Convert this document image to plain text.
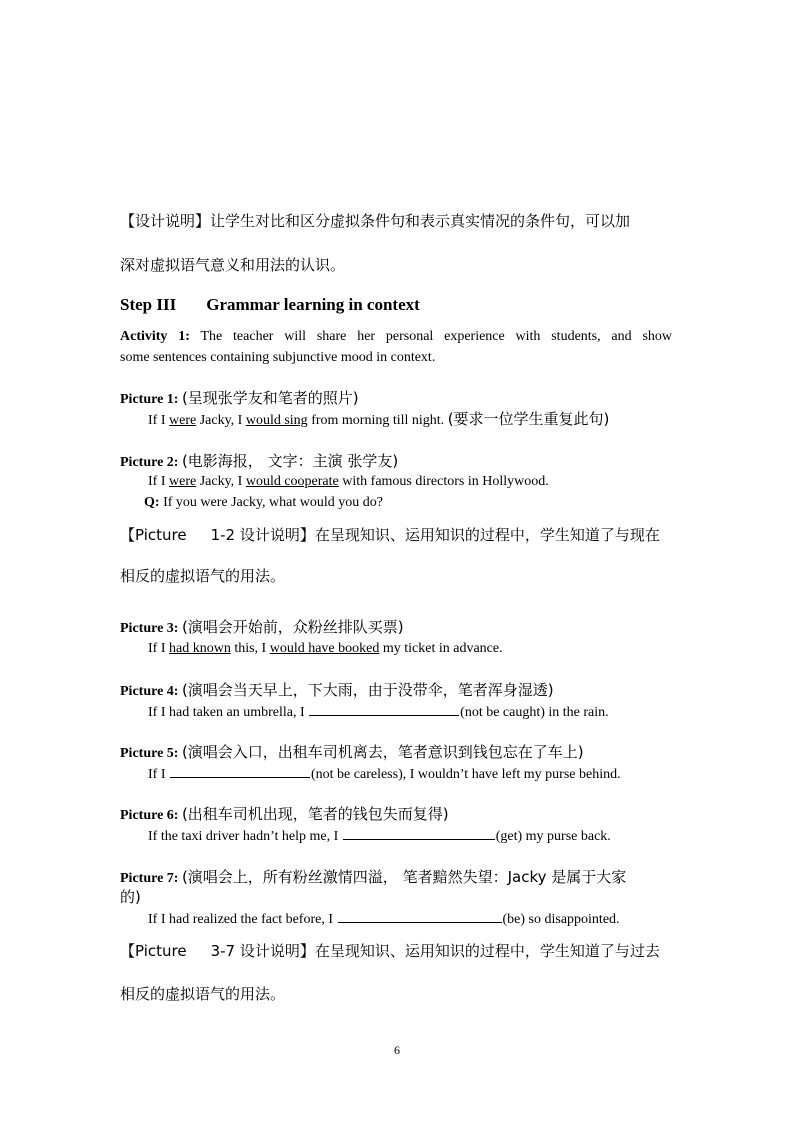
【设计说明】让学生对比和区分虚拟条件句和表示真实情况的条件句，可以加
深对虚拟语气意义和用法的认识。
Step III Grammar learning in context
Activity 1: The teacher will share her personal experience with students, and show
some sentences containing subjunctive mood in context.
Picture 1: (呈现张学友和笔者的照片)
If I were Jacky, I would sing from morning till night. (要求一位学生重复此句)
Picture 2: (电影海报， 文字：主演 张学友)
If I were Jacky, I would cooperate with famous directors in Hollywood.
Q: If you were Jacky, what would you do?
【Picture 1-2 设计说明】在呈现知识、运用知识的过程中，学生知道了与现在
相反的虚拟语气的用法。
Picture 3: (演唱会开始前，众粉丝排队买票)
If I had known this, I would have booked my ticket in advance.
Picture 4: (演唱会当天早上，下大雨，由于没带伞，笔者浑身湿透)
If I had taken an umbrella, I	(not be caught) in the rain.
Picture 5: (演唱会入口，出租车司机离去，笔者意识到钱包忘在了车上)
If I	(not be careless), I wouldn’t have left my purse behind.
Picture 6: (出租车司机出现，笔者的钱包失而复得)
If the taxi driver hadn’t help me, I	(get) my purse back.
Picture 7: (演唱会上，所有粉丝激情四溢， 笔者黯然失望：Jacky 是属于大家
的)
If I had realized the fact before, I	(be) so disappointed.
【Picture 3-7 设计说明】在呈现知识、运用知识的过程中，学生知道了与过去
相反的虚拟语气的用法。
6
